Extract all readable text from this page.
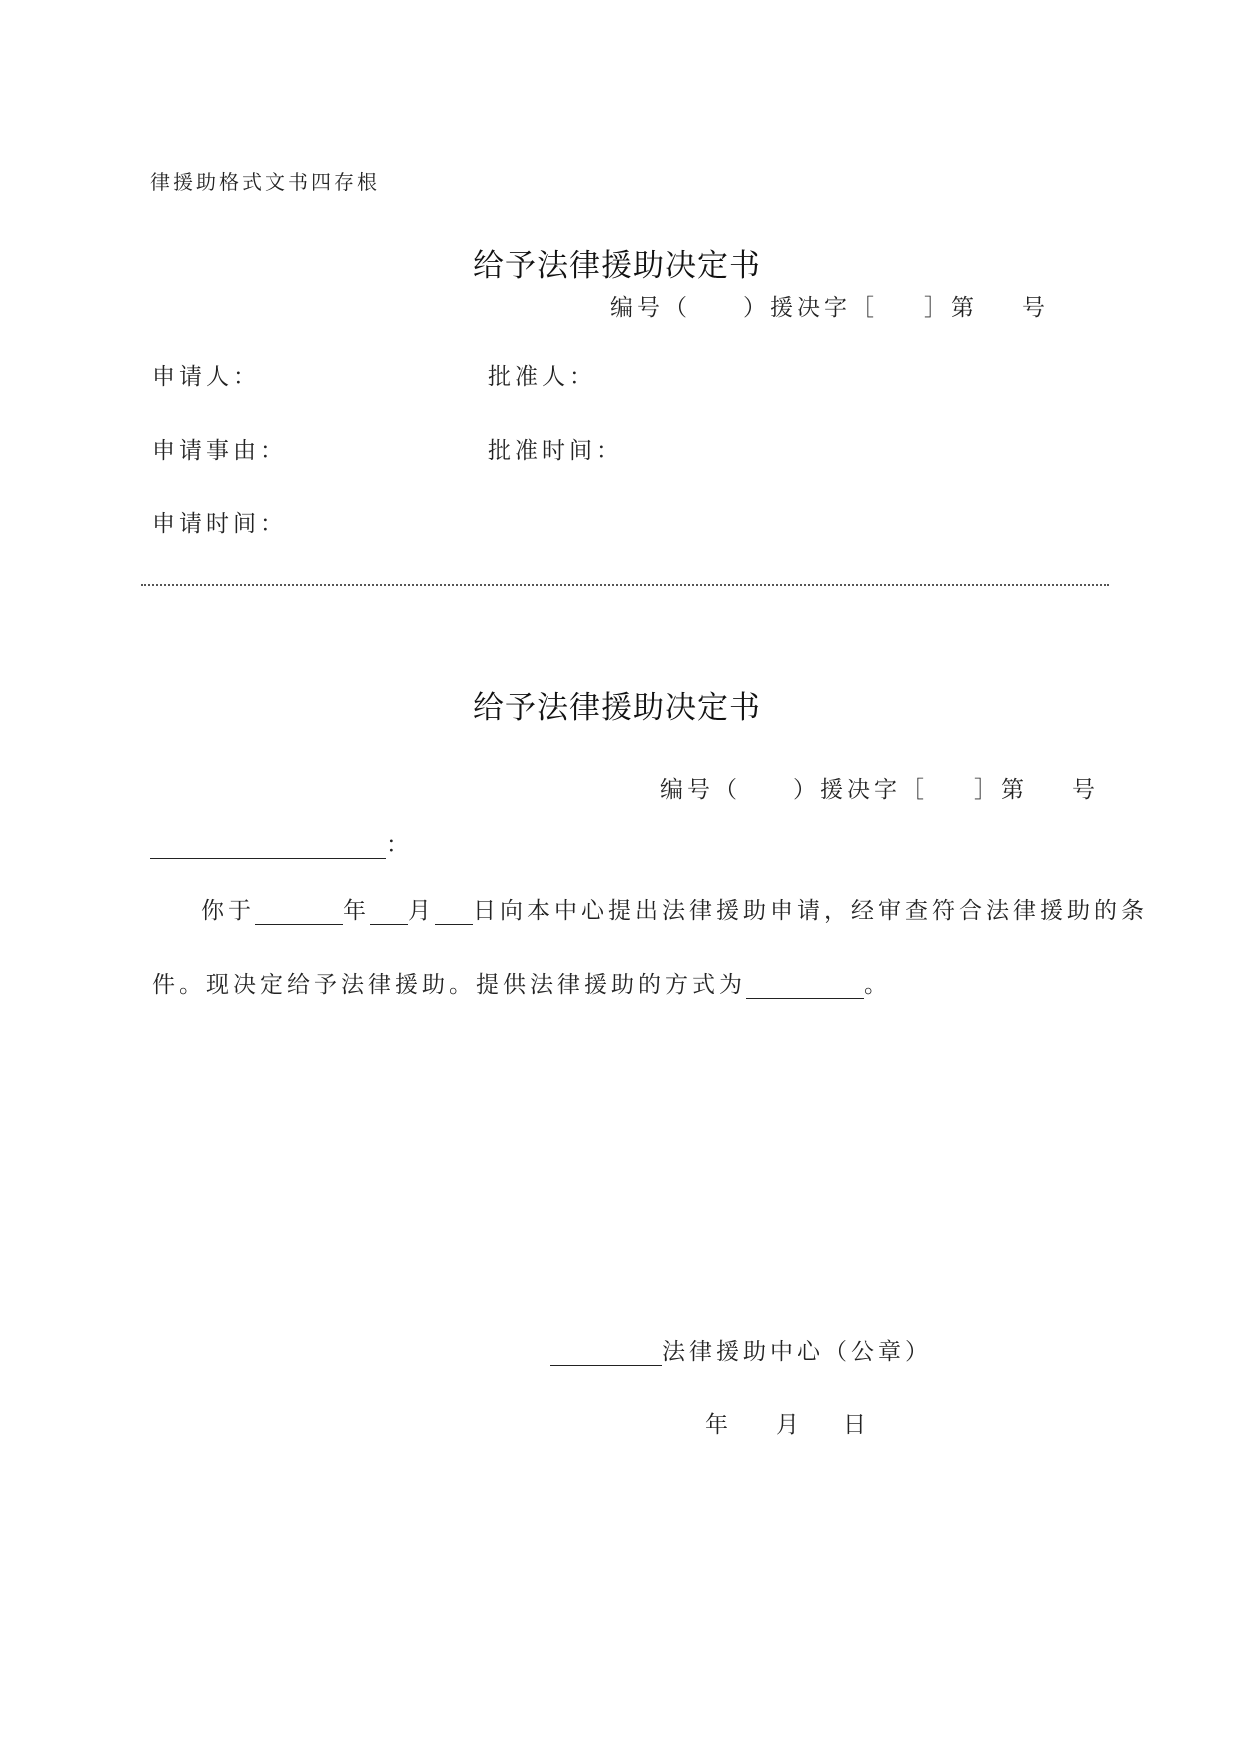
律援助格式文书四存根
给予法律援助决定书
编号（ ）援决字［ ］第 号
申请人：	批准人：
申请事由：	批准时间：
申请时间：
给予法律援助决定书
编号（ ）援决字［ ］第 号
：
你于	年 月 日向本中心提出法律援助申请，经审查符合法律援助的条
件。现决定给予法律援助。提供法律援助的方式为	。
法律援助中心（公章）
年 月 日
